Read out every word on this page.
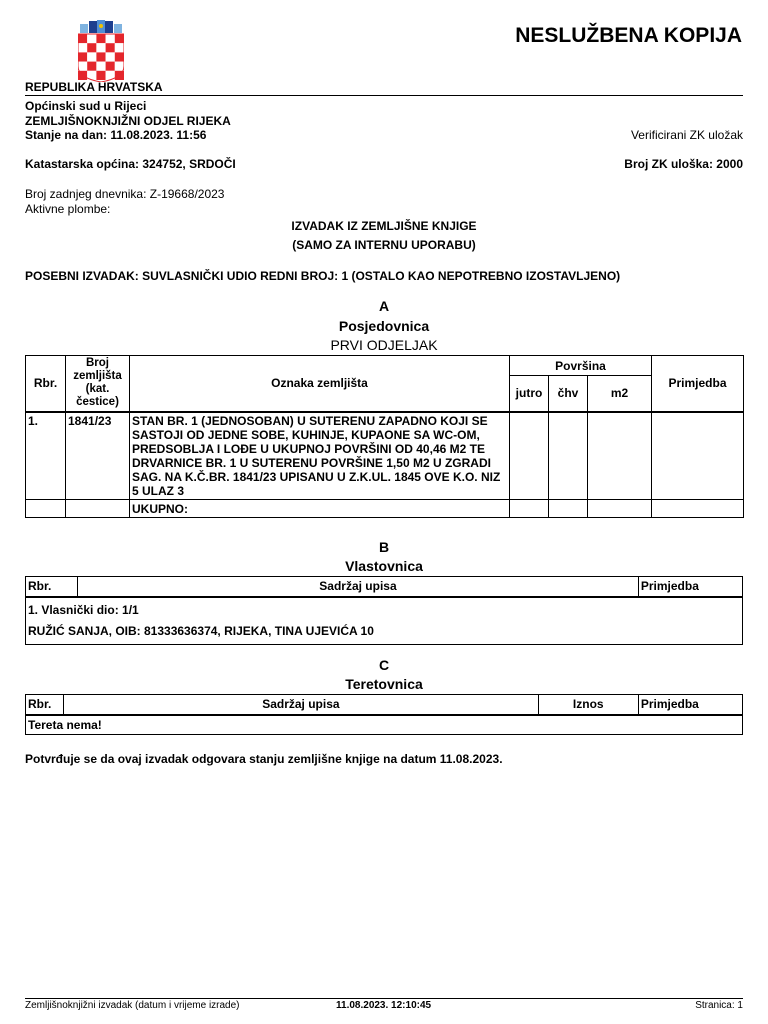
NESLUŽBENA KOPIJA
REPUBLIKA HRVATSKA
Općinski sud u Rijeci
ZEMLJIŠNOKNJIŽNI ODJEL RIJEKA
Stanje na dan: 11.08.2023. 11:56	Verificirani ZK uložak
Katastarska općina: 324752, SRDOČI	Broj ZK uloška: 2000
Broj zadnjeg dnevnika: Z-19668/2023
Aktivne plombe:
IZVADAK IZ ZEMLJIŠNE KNJIGE
(SAMO ZA INTERNU UPORABU)
POSEBNI IZVADAK: SUVLASNIČKI UDIO REDNI BROJ: 1 (OSTALO KAO NEPOTREBNO IZOSTAVLJENO)
A
Posjedovnica
PRVI ODJELJAK
Rbr.	Broj zemljišta (kat. čestice)	Oznaka zemljišta	Površina			Primjedba
			jutro	čhv	m2	
1.	1841/23	STAN BR. 1 (JEDNOSOBAN) U SUTERENU ZAPADNO KOJI SE SASTOJI OD JEDNE SOBE, KUHINJE, KUPAONE SA WC-OM, PREDSOBLJA I LOĐE U UKUPNOJ POVRŠINI OD 40,46 M2 TE DRVARNICE BR. 1 U SUTERENU POVRŠINE 1,50 M2 U ZGRADI SAG. NA K.Č.BR. 1841/23 UPISANU U Z.K.UL. 1845 OVE K.O. NIZ 5 ULAZ 3				
		UKUPNO:				
B
Vlastovnica
Rbr.	Sadržaj upisa	Primjedba

1. Vlasnički dio: 1/1
RUŽIĆ SANJA, OIB: 81333636374, RIJEKA, TINA UJEVIĆA 10
C
Teretovnica
Rbr.	Sadržaj upisa	Iznos	Primjedba
Tereta nema!
Potvrđuje se da ovaj izvadak odgovara stanju zemljišne knjige na datum 11.08.2023.
Zemljišnoknjižni izvadak (datum i vrijeme izrade)	11.08.2023. 12:10:45	Stranica: 1
